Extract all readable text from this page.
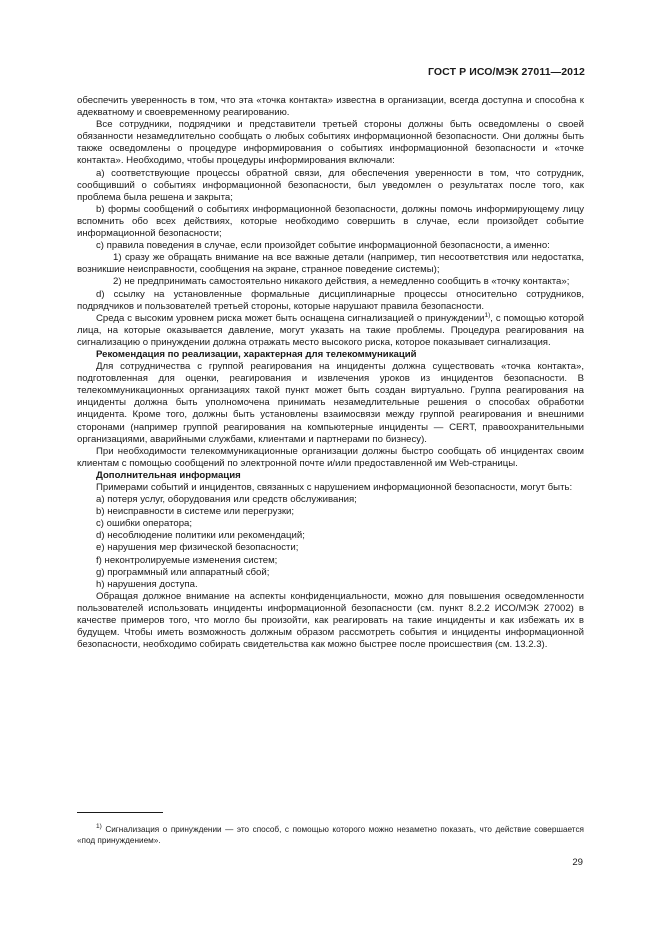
ГОСТ Р ИСО/МЭК 27011—2012

обеспечить уверенность в том, что эта «точка контакта» известна в организации, всегда доступна и способна к адекватному и своевременному реагированию.

Все сотрудники, подрядчики и представители третьей стороны должны быть осведомлены о своей обязанности незамедлительно сообщать о любых событиях информационной безопасности. Они должны быть также осведомлены о процедуре информирования о событиях информационной безопасности и «точке контакта». Необходимо, чтобы процедуры информирования включали:

a) соответствующие процессы обратной связи, для обеспечения уверенности в том, что сотрудник, сообщивший о событиях информационной безопасности, был уведомлен о результатах после того, как проблема была решена и закрыта;

b) формы сообщений о событиях информационной безопасности, должны помочь информирующему лицу вспомнить обо всех действиях, которые необходимо совершить в случае, если произойдет событие информационной безопасности;

c) правила поведения в случае, если произойдет событие информационной безопасности, а именно:

1) сразу же обращать внимание на все важные детали (например, тип несоответствия или недостатка, возникшие неисправности, сообщения на экране, странное поведение системы);

2) не предпринимать самостоятельно никакого действия, а немедленно сообщить в «точку контакта»;

d) ссылку на установленные формальные дисциплинарные процессы относительно сотрудников, подрядчиков и пользователей третьей стороны, которые нарушают правила безопасности.

Среда с высоким уровнем риска может быть оснащена сигнализацией о принуждении$^{1)}$, с помощью которой лица, на которые оказывается давление, могут указать на такие проблемы. Процедура реагирования на сигнализацию о принуждении должна отражать место высокого риска, которое показывает сигнализация.

Рекомендация по реализации, характерная для телекоммуникаций

Для сотрудничества с группой реагирования на инциденты должна существовать «точка контакта», подготовленная для оценки, реагирования и извлечения уроков из инцидентов безопасности. В телекоммуникационных организациях такой пункт может быть создан виртуально. Группа реагирования на инциденты должна быть уполномочена принимать незамедлительные решения о способах обработки инцидента. Кроме того, должны быть установлены взаимосвязи между группой реагирования и внешними сторонами (например группой реагирования на компьютерные инциденты — CERT, правоохранительными организациями, аварийными службами, клиентами и партнерами по бизнесу).

При необходимости телекоммуникационные организации должны быстро сообщать об инцидентах своим клиентам с помощью сообщений по электронной почте и/или предоставленной им Web-страницы.

Дополнительная информация

Примерами событий и инцидентов, связанных с нарушением информационной безопасности, могут быть:

a) потеря услуг, оборудования или средств обслуживания;

b) неисправности в системе или перегрузки;

c) ошибки оператора;

d) несоблюдение политики или рекомендаций;

e) нарушения мер физической безопасности;

f) неконтролируемые изменения систем;

g) программный или аппаратный сбой;

h) нарушения доступа.

Обращая должное внимание на аспекты конфиденциальности, можно для повышения осведомленности пользователей использовать инциденты информационной безопасности (см. пункт 8.2.2 ИСО/МЭК 27002) в качестве примеров того, что могло бы произойти, как реагировать на такие инциденты и как избежать их в будущем. Чтобы иметь возможность должным образом рассмотреть события и инциденты информационной безопасности, необходимо собирать свидетельства как можно быстрее после происшествия (см. 13.2.3).

$^{1)}$ Сигнализация о принуждении — это способ, с помощью которого можно незаметно показать, что действие совершается «под принуждением».

29
